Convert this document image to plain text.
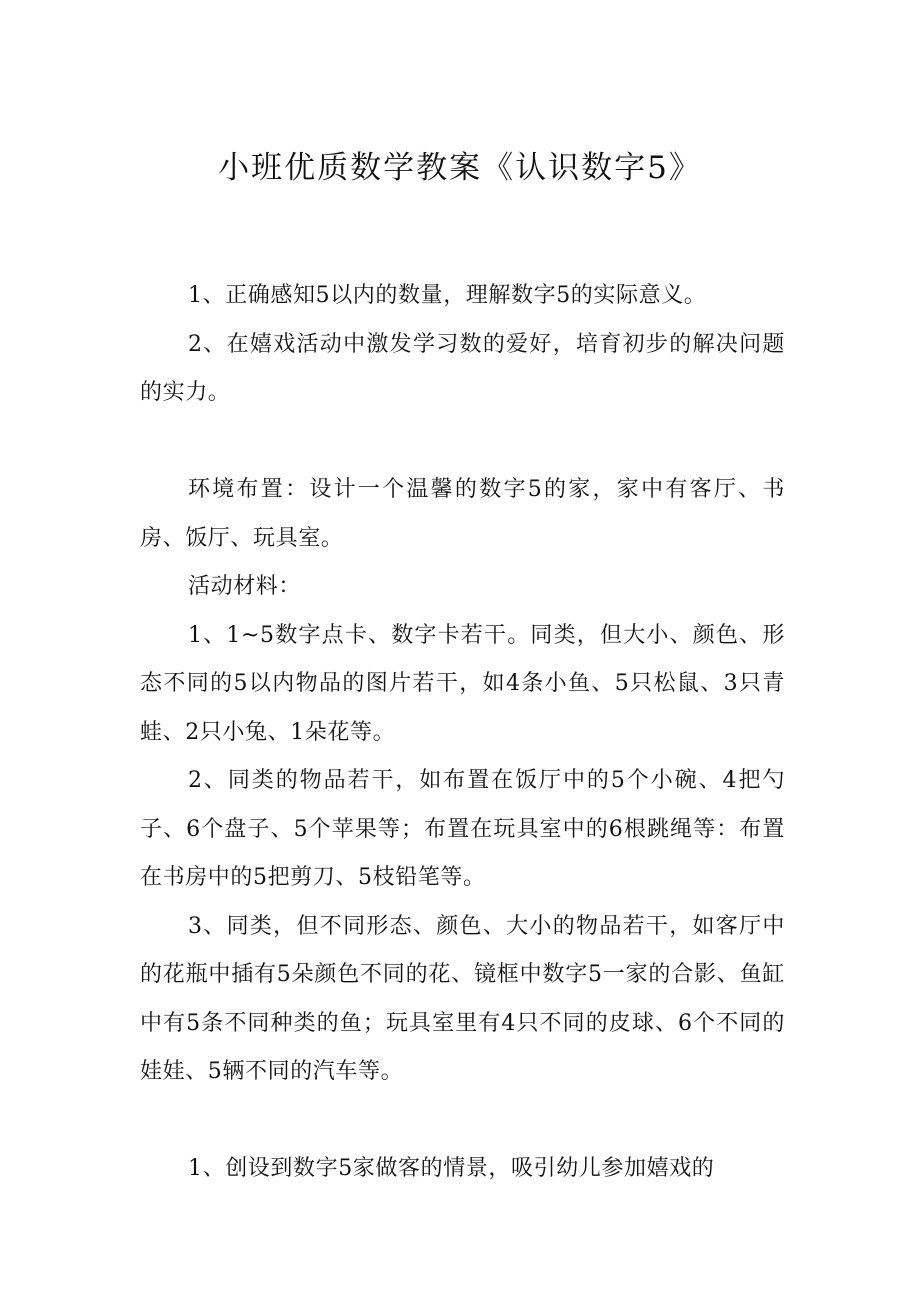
小班优质数学教案《认识数字5》

1、正确感知5以内的数量，理解数字5的实际意义。

2、在嬉戏活动中激发学习数的爱好，培育初步的解决问题的实力。

环境布置：设计一个温馨的数字5的家，家中有客厅、书房、饭厅、玩具室。

活动材料：

1、1~5数字点卡、数字卡若干。同类，但大小、颜色、形态不同的5以内物品的图片若干，如4条小鱼、5只松鼠、3只青蛙、2只小兔、1朵花等。

2、同类的物品若干，如布置在饭厅中的5个小碗、4把勺子、6个盘子、5个苹果等；布置在玩具室中的6根跳绳等：布置在书房中的5把剪刀、5枝铅笔等。

3、同类，但不同形态、颜色、大小的物品若干，如客厅中的花瓶中插有5朵颜色不同的花、镜框中数字5一家的合影、鱼缸中有5条不同种类的鱼；玩具室里有4只不同的皮球、6个不同的娃娃、5辆不同的汽车等。

1、创设到数字5家做客的情景，吸引幼儿参加嬉戏的
